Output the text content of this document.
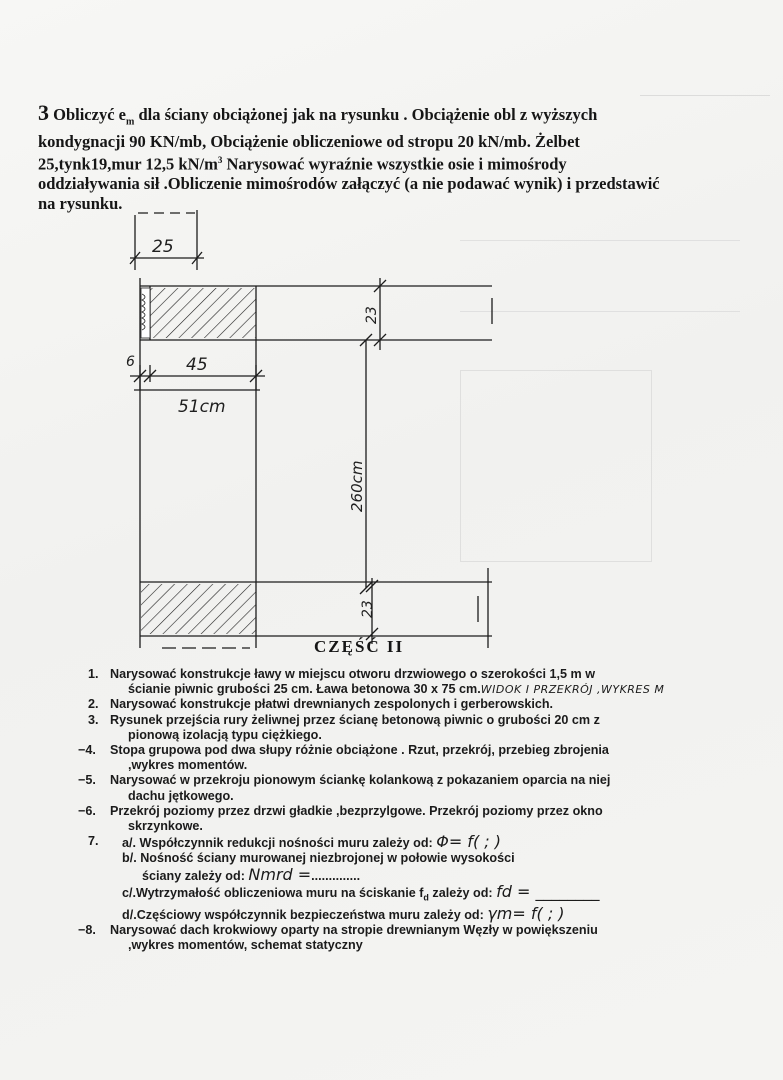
3 Obliczyć $e_m$ dla ściany obciążonej jak na rysunku . Obciążenie obl z wyższych
kondygnacji 90 KN/mb, Obciążenie obliczeniowe od stropu 20 kN/mb. Żelbet
25,tynk19,mur 12,5 $kN/m^3$ Narysować wyraźnie wszystkie osie i mimośrody
oddziaływania sił .Obliczenie mimośrodów załączyć (a nie podawać wynik) i przedstawić
na rysunku.
25
6	45
51cm
23
260cm
23
CZĘŚĆ II
1. Narysować konstrukcje ławy w miejscu otworu drzwiowego o szerokości 1,5 m w
ścianie piwnic grubości 25 cm. Ława betonowa 30 x 75 cm.WIDOK I PRZEKRÓJ ,WYKRES M
2. Narysować konstrukcje płatwi drewnianych zespolonych i gerberowskich.
3. Rysunek przejścia rury żeliwnej przez ścianę betonową piwnic o grubości 20 cm z
pionową izolacją typu ciężkiego.
−4. Stopa grupowa pod dwa słupy różnie obciążone . Rzut, przekrój, przebieg zbrojenia
,wykres momentów.
−5. Narysować w przekroju pionowym ściankę kolankową z pokazaniem oparcia na niej
dachu jętkowego.
−6. Przekrój poziomy przez drzwi gładkie ,bezprzylgowe. Przekrój poziomy przez okno
skrzynkowe.
7.	a/. Współczynnik redukcji nośności muru zależy od: Φ= f( ; )
b/. Nośność ściany murowanej niezbrojonej w połowie wysokości
ściany zależy od: Nmrd =..............
c/.Wytrzymałość obliczeniowa muru na ściskanie $f_d$ zależy od: fd = ________
d/.Częściowy współczynnik bezpieczeństwa muru zależy od: γm= f( ; )
−8. Narysować dach krokwiowy oparty na stropie drewnianym Węzły w powiększeniu
,wykres momentów, schemat statyczny
